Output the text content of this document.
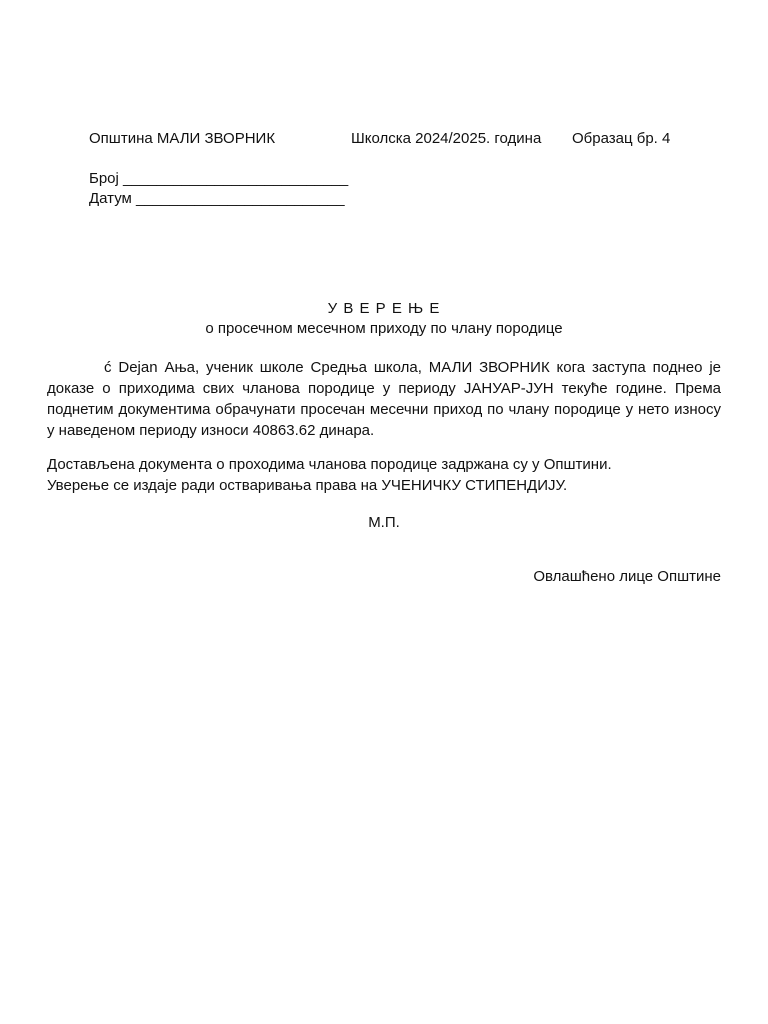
Општина МАЛИ ЗВОРНИК	Школска 2024/2025. година Образац бр. 4
Број ___________________________
Датум _________________________
У В Е Р Е Њ Е
о просечном месечном приходу по члану породице

ć Dejan Ања, ученик школе Средња школа, МАЛИ ЗВОРНИК кога заступа поднео је доказе о приходима свих чланова породице у периоду ЈАНУАР-ЈУН текуће године. Према поднетим документима обрачунати просечан месечни приход по члану породице у нето износу у наведеном периоду износи 40863.62 динара.

Достављена документа о проходима чланова породице задржана су у Општини.
Уверење се издаје ради остваривања права на УЧЕНИЧКУ СТИПЕНДИЈУ.
М.П.
Овлашћено лице Општине
